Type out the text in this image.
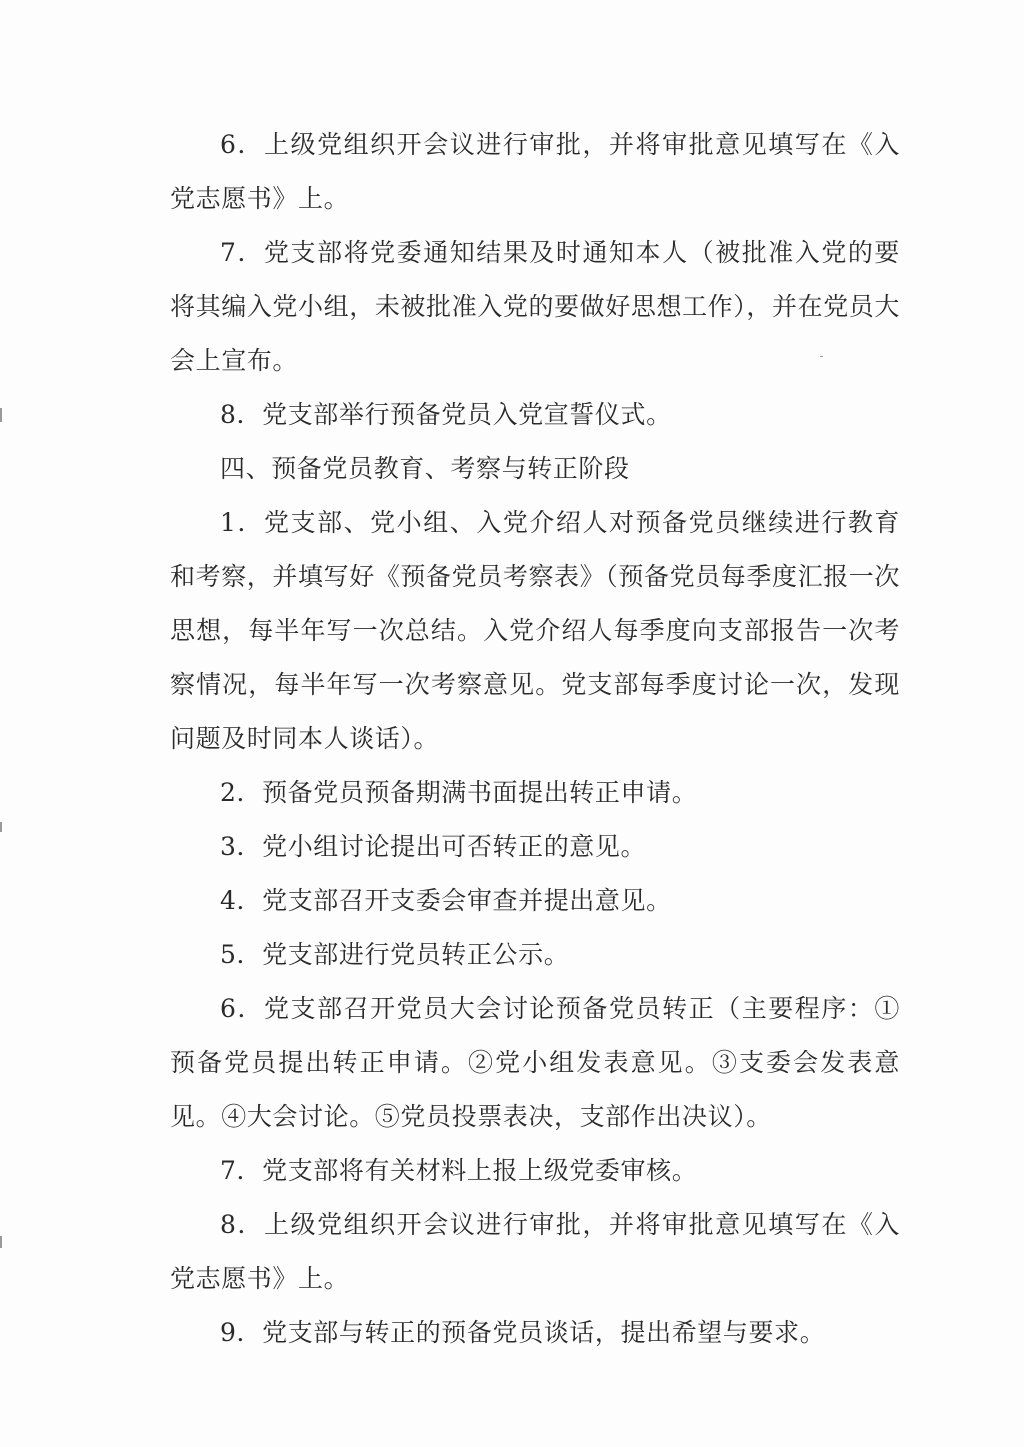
6．上级党组织开会议进行审批，并将审批意见填写在《入党志愿书》上。

7．党支部将党委通知结果及时通知本人（被批准入党的要将其编入党小组，未被批准入党的要做好思想工作），并在党员大会上宣布。

8．党支部举行预备党员入党宣誓仪式。

四、预备党员教育、考察与转正阶段

1．党支部、党小组、入党介绍人对预备党员继续进行教育和考察，并填写好《预备党员考察表》（预备党员每季度汇报一次思想，每半年写一次总结。入党介绍人每季度向支部报告一次考察情况，每半年写一次考察意见。党支部每季度讨论一次，发现问题及时同本人谈话）。

2．预备党员预备期满书面提出转正申请。

3．党小组讨论提出可否转正的意见。

4．党支部召开支委会审查并提出意见。

5．党支部进行党员转正公示。

6．党支部召开党员大会讨论预备党员转正（主要程序：①预备党员提出转正申请。②党小组发表意见。③支委会发表意见。④大会讨论。⑤党员投票表决，支部作出决议）。

7．党支部将有关材料上报上级党委审核。

8．上级党组织开会议进行审批，并将审批意见填写在《入党志愿书》上。

9．党支部与转正的预备党员谈话，提出希望与要求。
